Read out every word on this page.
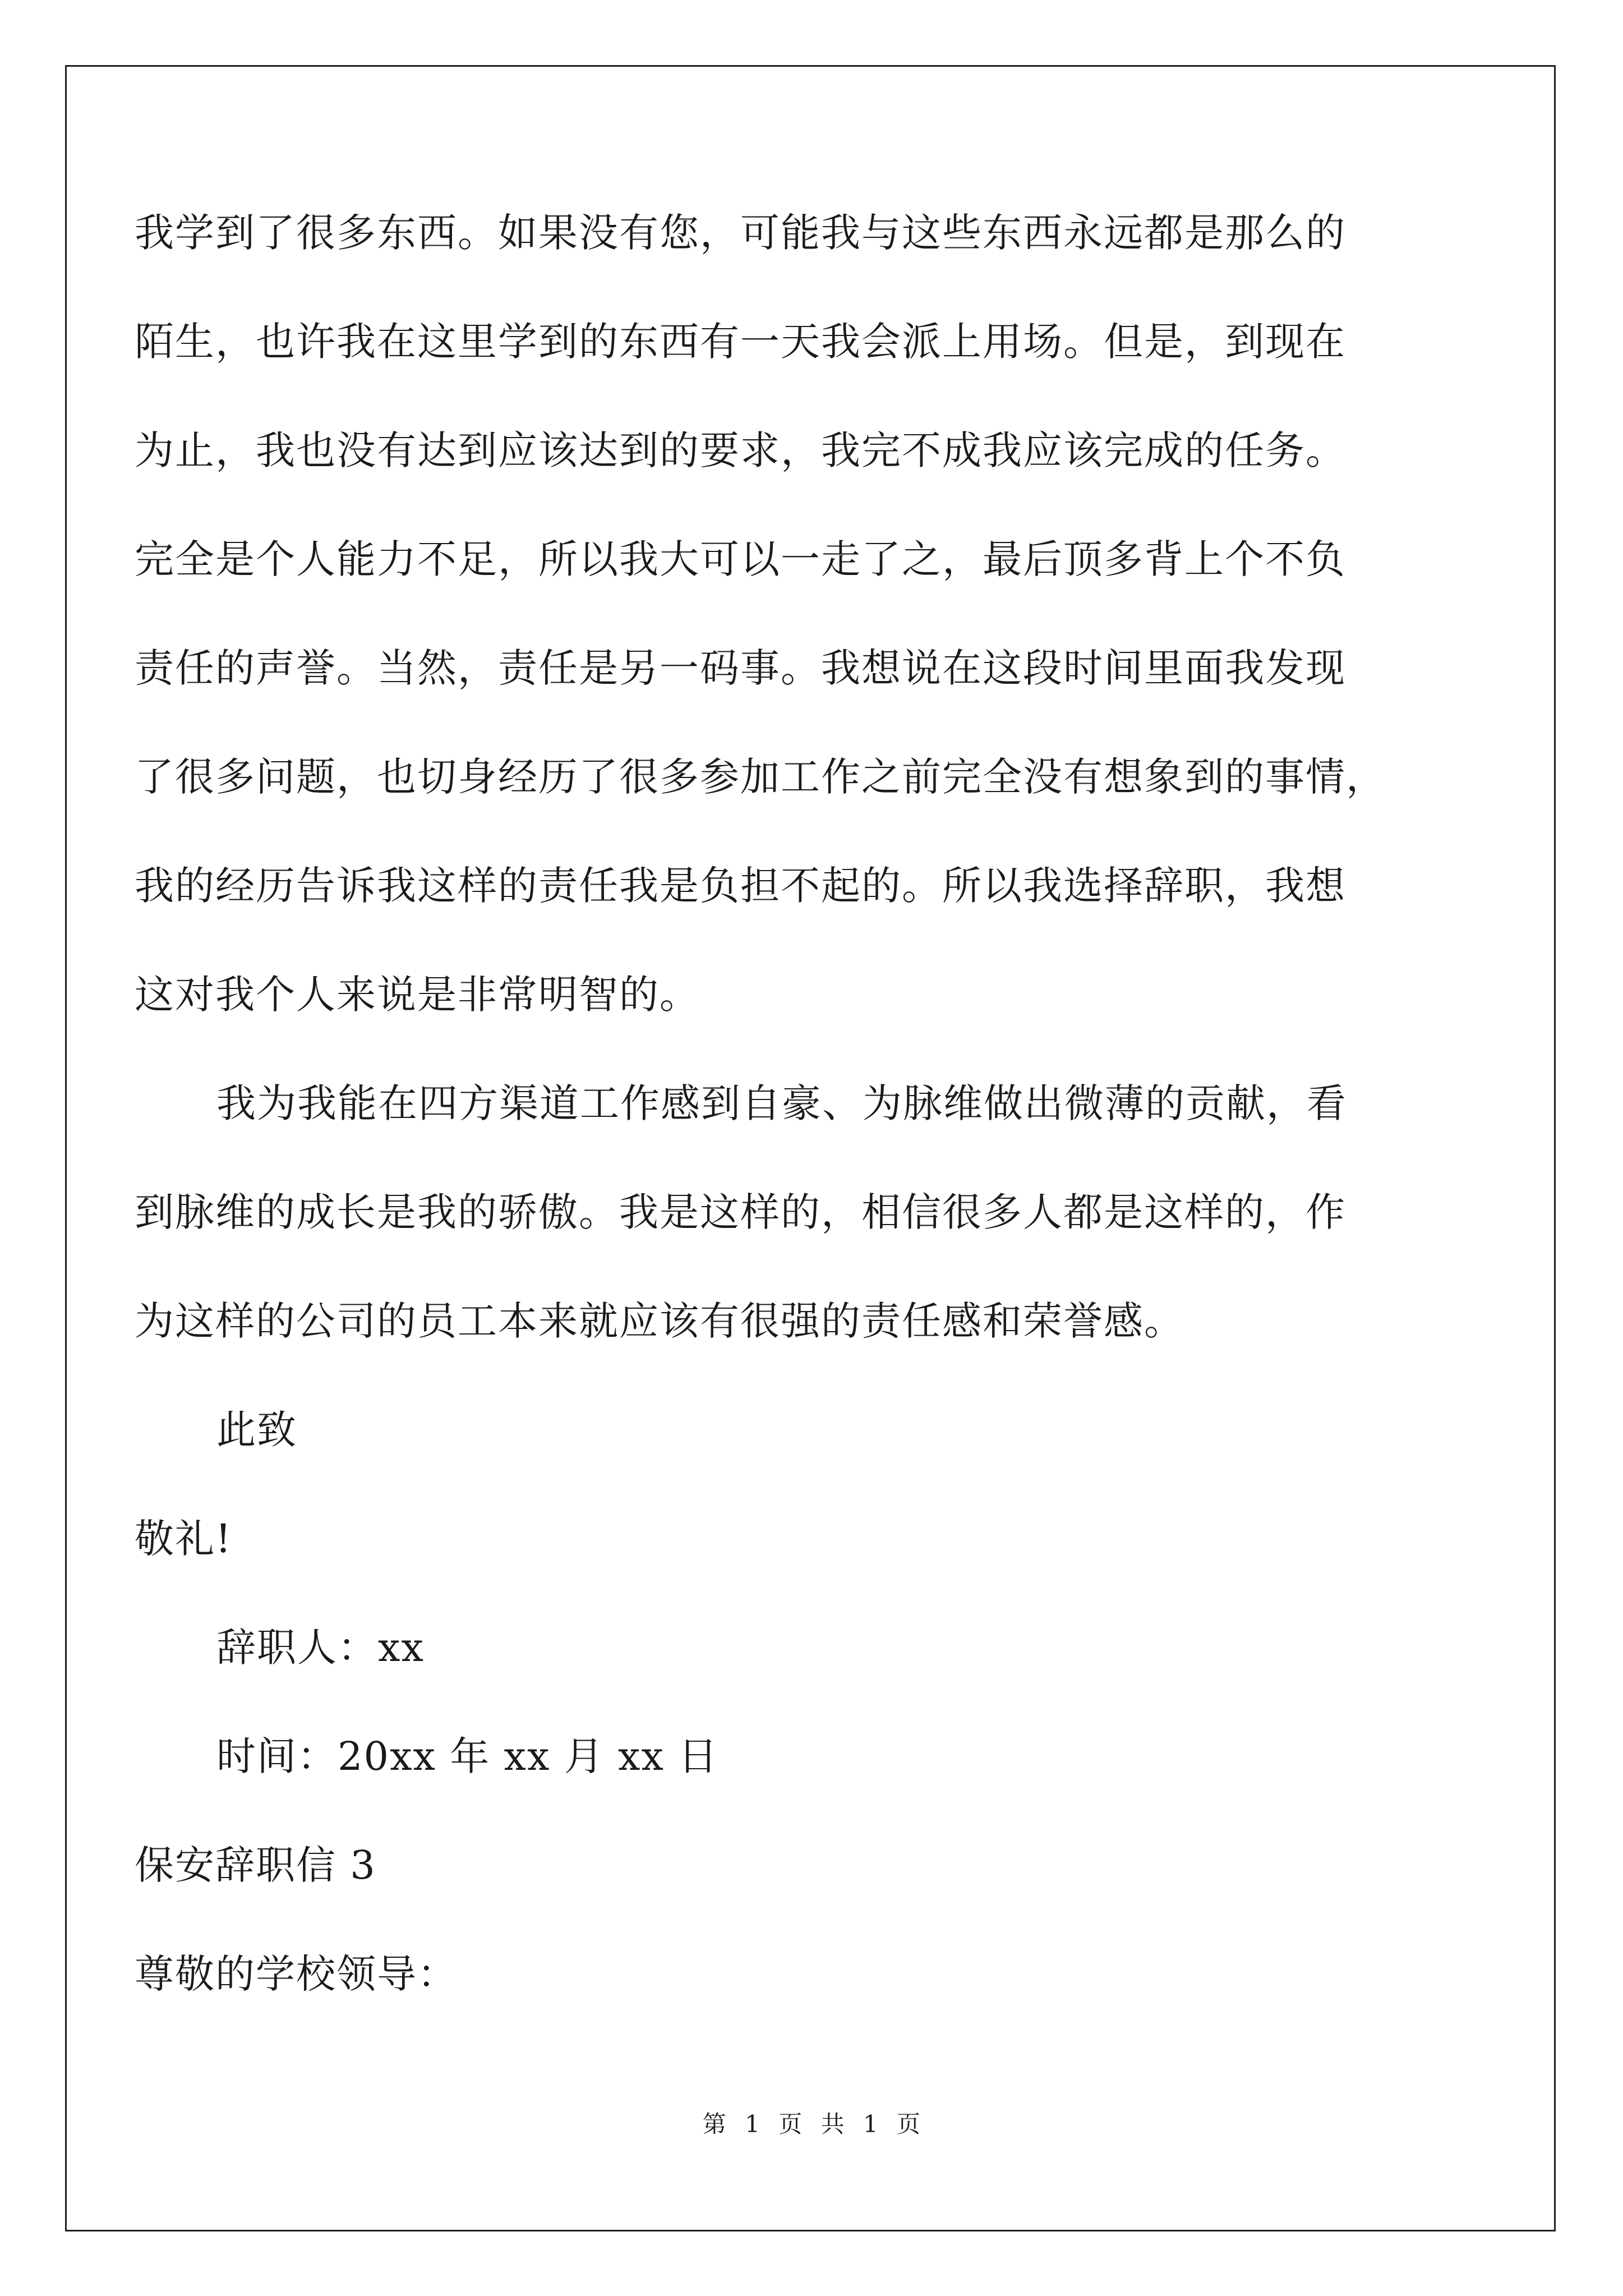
我学到了很多东西。如果没有您，可能我与这些东西永远都是那么的
陌生，也许我在这里学到的东西有一天我会派上用场。但是，到现在
为止，我也没有达到应该达到的要求，我完不成我应该完成的任务。
完全是个人能力不足，所以我大可以一走了之，最后顶多背上个不负
责任的声誉。当然，责任是另一码事。我想说在这段时间里面我发现
了很多问题，也切身经历了很多参加工作之前完全没有想象到的事情，
我的经历告诉我这样的责任我是负担不起的。所以我选择辞职，我想
这对我个人来说是非常明智的。
我为我能在四方渠道工作感到自豪、为脉维做出微薄的贡献，看
到脉维的成长是我的骄傲。我是这样的，相信很多人都是这样的，作
为这样的公司的员工本来就应该有很强的责任感和荣誉感。
此致
敬礼!
辞职人：xx
时间：20xx 年 xx 月 xx 日
保安辞职信 3
尊敬的学校领导：
第 1 页 共 1 页
